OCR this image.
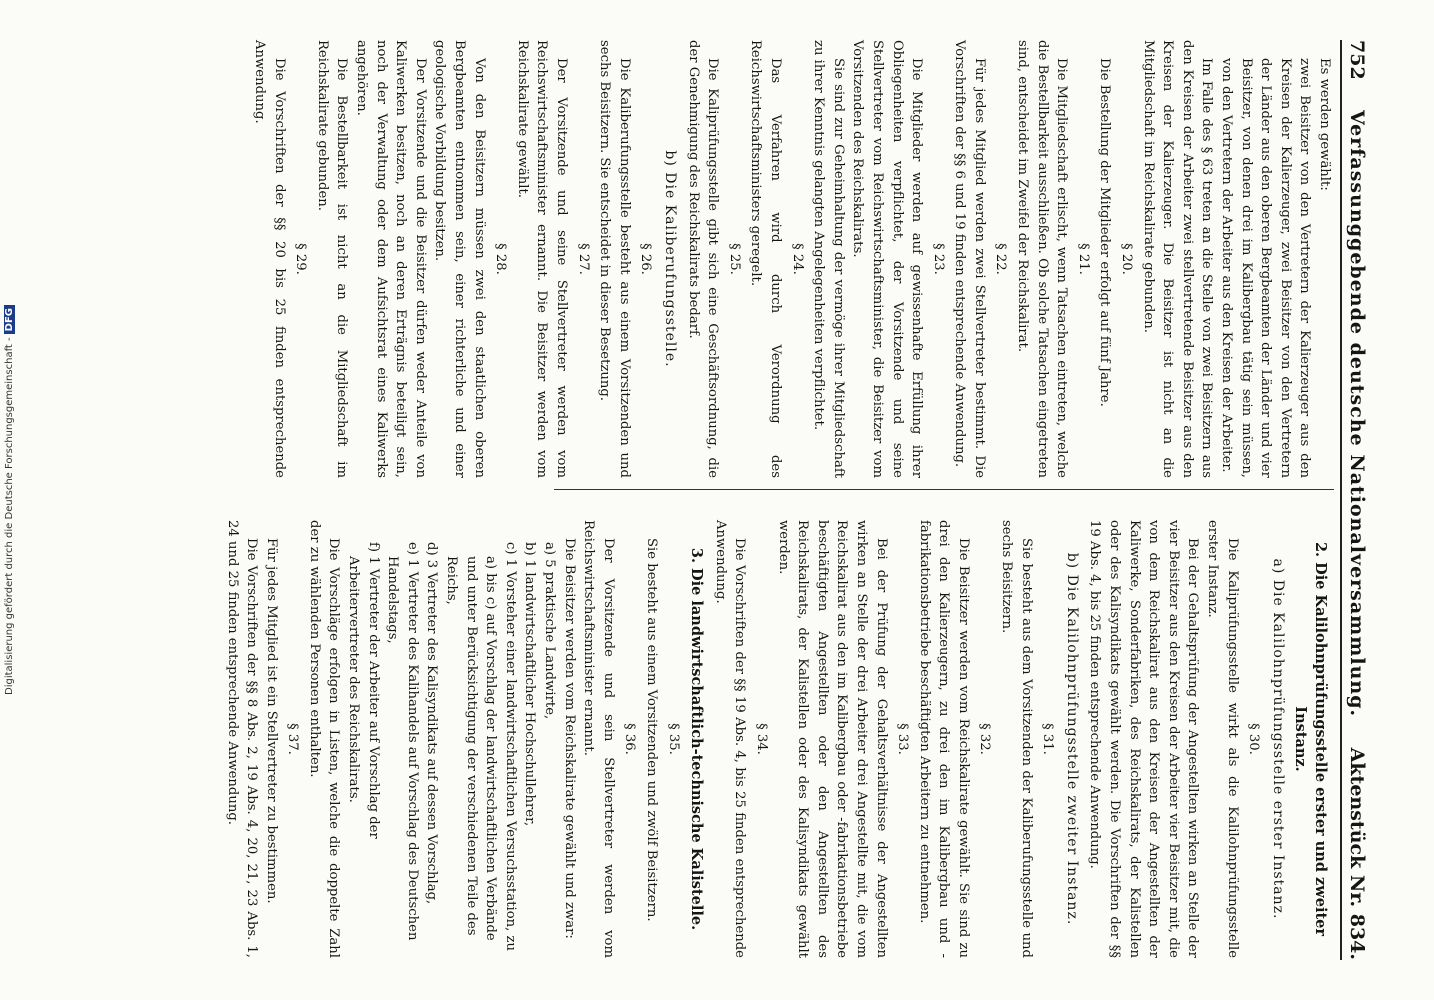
752
Verfassunggebende deutsche Nationalversammlung.
Aktenstück Nr. 834.

Es werden gewählt:

zwei Beisitzer von den Vertretern der Kalierzeuger aus den Kreisen der Kalierzeuger, zwei Beisitzer von den Vertretern der Länder aus den oberen Bergbeamten der Länder und vier Beisitzer, von denen drei im Kalibergbau tätig sein müssen, von den Vertretern der Arbeiter aus den Kreisen der Arbeiter.

Im Falle des § 63 treten an die Stelle von zwei Beisitzern aus den Kreisen der Arbeiter zwei stellvertretende Beisitzer aus den Kreisen der Kalierzeuger. Die Beisitzer ist nicht an die Mitgliedschaft im Reichskalirate gebunden.

§ 20.

Die Bestellung der Mitglieder erfolgt auf fünf Jahre.

§ 21.

Die Mitgliedschaft erlischt, wenn Tatsachen eintreten, welche die Bestellbarkeit ausschließen. Ob solche Tatsachen eingetreten sind, entscheidet im Zweifel der Reichskalirat.

§ 22.

Für jedes Mitglied werden zwei Stellvertreter bestimmt. Die Vorschriften der §§ 6 und 19 finden entsprechende Anwendung.

§ 23.

Die Mitglieder werden auf gewissenhafte Erfüllung ihrer Obliegenheiten verpflichtet, der Vorsitzende und seine Stellvertreter vom Reichswirtschaftsminister, die Beisitzer vom Vorsitzenden des Reichskalirats.

Sie sind zur Geheimhaltung der vermöge ihrer Mitgliedschaft zu ihrer Kenntnis gelangten Angelegenheiten verpflichtet.

§ 24.

Das Verfahren wird durch Verordnung des Reichswirtschaftsministers geregelt.

§ 25.

Die Kaliprüfungsstelle gibt sich eine Geschäftsordnung, die der Genehmigung des Reichskalirats bedarf.

b) Die Kaliberufungsstelle.
§ 26.

Die Kaliberufungsstelle besteht aus einem Vorsitzenden und sechs Beisitzern. Sie entscheidet in dieser Besetzung.

§ 27.

Der Vorsitzende und seine Stellvertreter werden vom Reichswirtschaftsminister ernannt. Die Beisitzer werden vom Reichskalirate gewählt.

§ 28.

Von den Beisitzern müssen zwei den staatlichen oberen Bergbeamten entnommen sein, einer richterliche und einer geologische Vorbildung besitzen.

Der Vorsitzende und die Beisitzer dürfen weder Anteile von Kaliwerken besitzen, noch an deren Erträgnis beteiligt sein, noch der Verwaltung oder dem Aufsichtsrat eines Kaliwerks angehören.

Die Bestellbarkeit ist nicht an die Mitgliedschaft im Reichskalirate gebunden.

§ 29.

Die Vorschriften der §§ 20 bis 25 finden entsprechende Anwendung.

2. Die Kalilohnprüfungsstelle erster und zweiter Instanz.
a) Die Kalilohnprüfungsstelle erster Instanz.
§ 30.

Die Kaliprüfungsstelle wirkt als die Kalilohnprüfungsstelle erster Instanz.

Bei der Gehaltsprüfung der Angestellten wirken an Stelle der vier Beisitzer aus den Kreisen der Arbeiter vier Beisitzer mit, die von dem Reichskalirat aus den Kreisen der Angestellten der Kaliwerke, Sonderfabriken, des Reichskalirats, der Kalistellen oder des Kalisyndikats gewählt werden. Die Vorschriften der §§ 19 Abs. 4, bis 25 finden entsprechende Anwendung.

b) Die Kalilohnprüfungsstelle zweiter Instanz.
§ 31.

Sie besteht aus dem Vorsitzenden der Kaliberufungsstelle und sechs Beisitzern.

§ 32.

Die Beisitzer werden vom Reichskalirate gewählt. Sie sind zu drei den Kalierzeugern, zu drei den im Kalibergbau und -fabrikationsbetriebe beschäftigten Arbeitern zu entnehmen.

§ 33.

Bei der Prüfung der Gehaltsverhältnisse der Angestellten wirken an Stelle der drei Arbeiter drei Angestellte mit, die vom Reichskalirat aus den im Kalibergbau oder -fabrikationsbetriebe beschäftigten Angestellten oder den Angestellten des Reichskalirats, der Kalistellen oder des Kalisyndikats gewählt werden.

§ 34.

Die Vorschriften der §§ 19 Abs. 4, bis 25 finden entsprechende Anwendung.

3. Die landwirtschaftlich-technische Kalistelle.
§ 35.

Sie besteht aus einem Vorsitzenden und zwölf Beisitzern.

§ 36.

Der Vorsitzende und sein Stellvertreter werden vom Reichswirtschaftsminister ernannt.

Die Beisitzer werden vom Reichskalirate gewählt und zwar:

a) 5 praktische Landwirte,
b) 1 landwirtschaftlicher Hochschullehrer,
c) 1 Vorsteher einer landwirtschaftlichen Versuchsstation, zu a) bis c) auf Vorschlag der landwirtschaftlichen Verbände und unter Berücksichtigung der verschiedenen Teile des Reichs,
d) 3 Vertreter des Kalisyndikats auf dessen Vorschlag,
e) 1 Vertreter des Kalihandels auf Vorschlag des Deutschen Handelstags,
f) 1 Vertreter der Arbeiter auf Vorschlag der Arbeitervertreter des Reichskalirats.

Die Vorschläge erfolgen in Listen, welche die doppelte Zahl der zu wählenden Personen enthalten.

§ 37.

Für jedes Mitglied ist ein Stellvertreter zu bestimmen.

Die Vorschriften der §§ 8 Abs. 2, 19 Abs. 4, 20, 21, 23 Abs. 1, 24 und 25 finden entsprechende Anwendung.

Digitalisierung gefördert durch die Deutsche Forschungsgemeinschaft -DFG
